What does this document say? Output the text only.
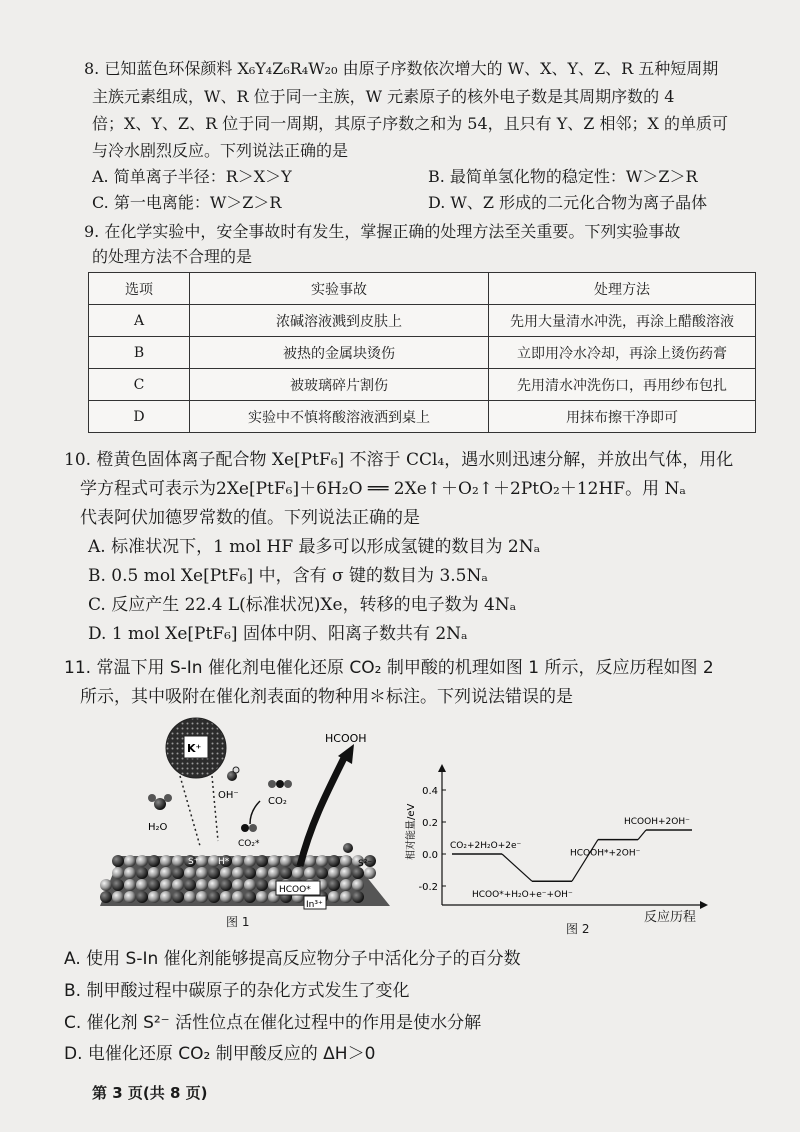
8. 已知蓝色环保颜料 X₆Y₄Z₆R₄W₂₀ 由原子序数依次增大的 W、X、Y、Z、R 五种短周期
主族元素组成，W、R 位于同一主族，W 元素原子的核外电子数是其周期序数的 4
倍；X、Y、Z、R 位于同一周期，其原子序数之和为 54，且只有 Y、Z 相邻；X 的单质可
与冷水剧烈反应。下列说法正确的是
A. 简单离子半径：R＞X＞Y	B. 最简单氢化物的稳定性：W＞Z＞R
C. 第一电离能：W＞Z＞R	D. W、Z 形成的二元化合物为离子晶体
9. 在化学实验中，安全事故时有发生，掌握正确的处理方法至关重要。下列实验事故
的处理方法不合理的是
选项	实验事故	处理方法
A	浓碱溶液溅到皮肤上	先用大量清水冲洗，再涂上醋酸溶液
B	被热的金属块烫伤	立即用冷水冷却，再涂上烫伤药膏
C	被玻璃碎片割伤	先用清水冲洗伤口，再用纱布包扎
D	实验中不慎将酸溶液洒到桌上	用抹布擦干净即可
10. 橙黄色固体离子配合物 Xe[PtF₆] 不溶于 CCl₄，遇水则迅速分解，并放出气体，用化
学方程式可表示为2Xe[PtF₆]＋6H₂O ══ 2Xe↑＋O₂↑＋2PtO₂＋12HF。用 Nₐ
代表阿伏加德罗常数的值。下列说法正确的是
A. 标准状况下，1 mol HF 最多可以形成氢键的数目为 2Nₐ
B. 0.5 mol Xe[PtF₆] 中，含有 σ 键的数目为 3.5Nₐ
C. 反应产生 22.4 L(标准状况)Xe，转移的电子数为 4Nₐ
D. 1 mol Xe[PtF₆] 固体中阴、阳离子数共有 2Nₐ
11. 常温下用 S-In 催化剂电催化还原 CO₂ 制甲酸的机理如图 1 所示，反应历程如图 2
所示，其中吸附在催化剂表面的物种用＊标注。下列说法错误的是
K⁺
HCOOH
OH⁻
CO₂
H₂O
CO₂*
S⁺ H*	S²⁻
HCOO*
In³⁺
图 1
0.4
0.2
0.0
-0.2
CO₂+2H₂O+2e⁻
HCOO*+H₂O+e⁻+OH⁻
HCOOH*+2OH⁻
HCOOH+2OH⁻
相对能量/eV
图 2
反应历程
A. 使用 S-In 催化剂能够提高反应物分子中活化分子的百分数
B. 制甲酸过程中碳原子的杂化方式发生了变化
C. 催化剂 S²⁻ 活性位点在催化过程中的作用是使水分解
D. 电催化还原 CO₂ 制甲酸反应的 ΔH＞0
第 3 页(共 8 页)
